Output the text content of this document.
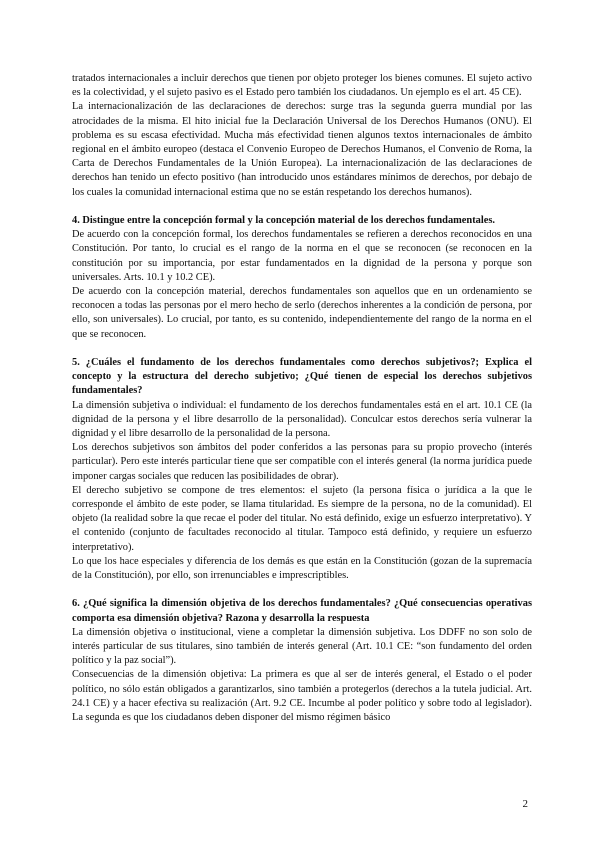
tratados internacionales a incluir derechos que tienen por objeto proteger los bienes comunes. El sujeto activo es la colectividad, y el sujeto pasivo es el Estado pero también los ciudadanos. Un ejemplo es el art. 45 CE).

La internacionalización de las declaraciones de derechos: surge tras la segunda guerra mundial por las atrocidades de la misma. El hito inicial fue la Declaración Universal de los Derechos Humanos (ONU). El problema es su escasa efectividad. Mucha más efectividad tienen algunos textos internacionales de ámbito regional en el ámbito europeo (destaca el Convenio Europeo de Derechos Humanos, el Convenio de Roma, la Carta de Derechos Fundamentales de la Unión Europea). La internacionalización de las declaraciones de derechos han tenido un efecto positivo (han introducido unos estándares mínimos de derechos, por debajo de los cuales la comunidad internacional estima que no se están respetando los derechos humanos).

4. Distingue entre la concepción formal y la concepción material de los derechos fundamentales.

De acuerdo con la concepción formal, los derechos fundamentales se refieren a derechos reconocidos en una Constitución. Por tanto, lo crucial es el rango de la norma en el que se reconocen (se reconocen en la constitución por su importancia, por estar fundamentados en la dignidad de la persona y porque son universales. Arts. 10.1 y 10.2 CE).

De acuerdo con la concepción material, derechos fundamentales son aquellos que en un ordenamiento se reconocen a todas las personas por el mero hecho de serlo (derechos inherentes a la condición de persona, por ello, son universales). Lo crucial, por tanto, es su contenido, independientemente del rango de la norma en el que se reconocen.

5. ¿Cuáles el fundamento de los derechos fundamentales como derechos subjetivos?; Explica el concepto y la estructura del derecho subjetivo; ¿Qué tienen de especial los derechos subjetivos fundamentales?

La dimensión subjetiva o individual: el fundamento de los derechos fundamentales está en el art. 10.1 CE (la dignidad de la persona y el libre desarrollo de la personalidad). Conculcar estos derechos sería vulnerar la dignidad y el libre desarrollo de la personalidad de la persona.

Los derechos subjetivos son ámbitos del poder conferidos a las personas para su propio provecho (interés particular). Pero este interés particular tiene que ser compatible con el interés general (la norma jurídica puede imponer cargas sociales que reducen las posibilidades de obrar).

El derecho subjetivo se compone de tres elementos: el sujeto (la persona física o jurídica a la que le corresponde el ámbito de este poder, se llama titularidad. Es siempre de la persona, no de la comunidad). El objeto (la realidad sobre la que recae el poder del titular. No está definido, exige un esfuerzo interpretativo). Y el contenido (conjunto de facultades reconocido al titular. Tampoco está definido, y requiere un esfuerzo interpretativo).

Lo que los hace especiales y diferencia de los demás es que están en la Constitución (gozan de la supremacía de la Constitución), por ello, son irrenunciables e imprescriptibles.

6. ¿Qué significa la dimensión objetiva de los derechos fundamentales? ¿Qué consecuencias operativas comporta esa dimensión objetiva? Razona y desarrolla la respuesta

La dimensión objetiva o institucional, viene a completar la dimensión subjetiva. Los DDFF no son solo de interés particular de sus titulares, sino también de interés general (Art. 10.1 CE: “son fundamento del orden político y la paz social”).

Consecuencias de la dimensión objetiva: La primera es que al ser de interés general, el Estado o el poder político, no sólo están obligados a garantizarlos, sino también a protegerlos (derechos a la tutela judicial. Art. 24.1 CE) y a hacer efectiva su realización (Art. 9.2 CE. Incumbe al poder político y sobre todo al legislador). La segunda es que los ciudadanos deben disponer del mismo régimen básico

2
